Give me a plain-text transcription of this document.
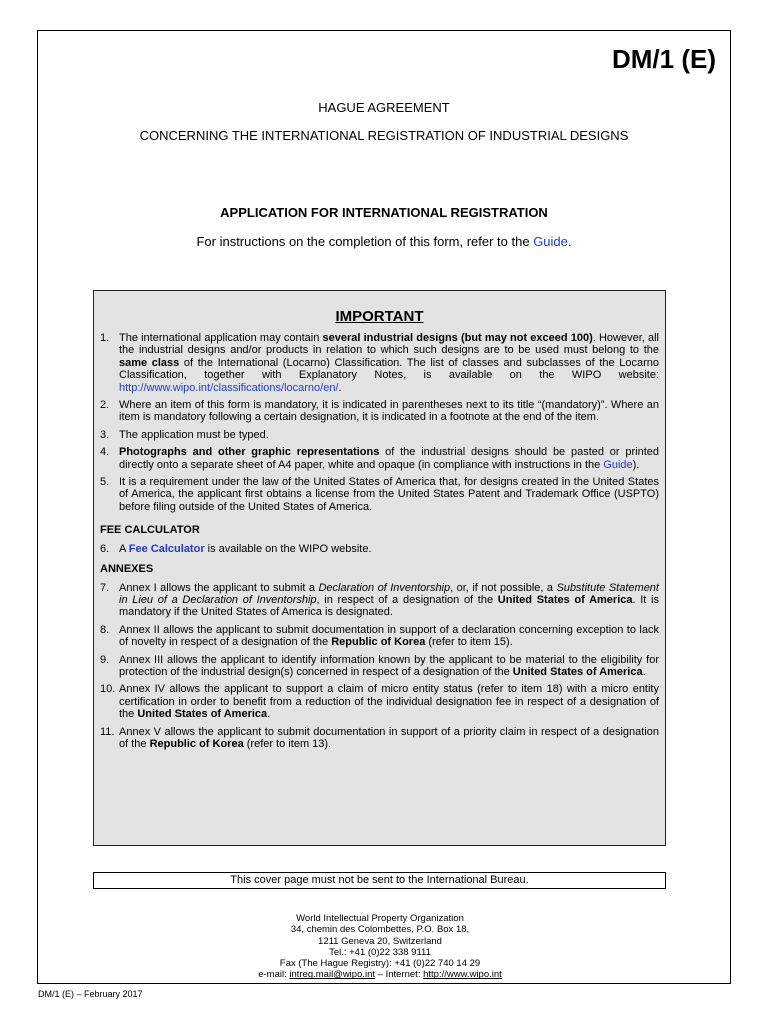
DM/1 (E)
HAGUE AGREEMENT
CONCERNING THE INTERNATIONAL REGISTRATION OF INDUSTRIAL DESIGNS
APPLICATION FOR INTERNATIONAL REGISTRATION
For instructions on the completion of this form, refer to the Guide.
IMPORTANT
1. The international application may contain several industrial designs (but may not exceed 100). However, all the industrial designs and/or products in relation to which such designs are to be used must belong to the same class of the International (Locarno) Classification. The list of classes and subclasses of the Locarno Classification, together with Explanatory Notes, is available on the WIPO website: http://www.wipo.int/classifications/locarno/en/.
2. Where an item of this form is mandatory, it is indicated in parentheses next to its title “(mandatory)”. Where an item is mandatory following a certain designation, it is indicated in a footnote at the end of the item.
3. The application must be typed.
4. Photographs and other graphic representations of the industrial designs should be pasted or printed directly onto a separate sheet of A4 paper, white and opaque (in compliance with instructions in the Guide).
5. It is a requirement under the law of the United States of America that, for designs created in the United States of America, the applicant first obtains a license from the United States Patent and Trademark Office (USPTO) before filing outside of the United States of America.
FEE CALCULATOR
6. A Fee Calculator is available on the WIPO website.
ANNEXES
7. Annex I allows the applicant to submit a Declaration of Inventorship, or, if not possible, a Substitute Statement in Lieu of a Declaration of Inventorship, in respect of a designation of the United States of America. It is mandatory if the United States of America is designated.
8. Annex II allows the applicant to submit documentation in support of a declaration concerning exception to lack of novelty in respect of a designation of the Republic of Korea (refer to item 15).
9. Annex III allows the applicant to identify information known by the applicant to be material to the eligibility for protection of the industrial design(s) concerned in respect of a designation of the United States of America.
10. Annex IV allows the applicant to support a claim of micro entity status (refer to item 18) with a micro entity certification in order to benefit from a reduction of the individual designation fee in respect of a designation of the United States of America.
11. Annex V allows the applicant to submit documentation in support of a priority claim in respect of a designation of the Republic of Korea (refer to item 13).
This cover page must not be sent to the International Bureau.
World Intellectual Property Organization
34, chemin des Colombettes, P.O. Box 18,
1211 Geneva 20, Switzerland
Tel.: +41 (0)22 338 9111
Fax (The Hague Registry): +41 (0)22 740 14 29
e-mail: intreg.mail@wipo.int – Internet: http://www.wipo.int
DM/1 (E) – February 2017
